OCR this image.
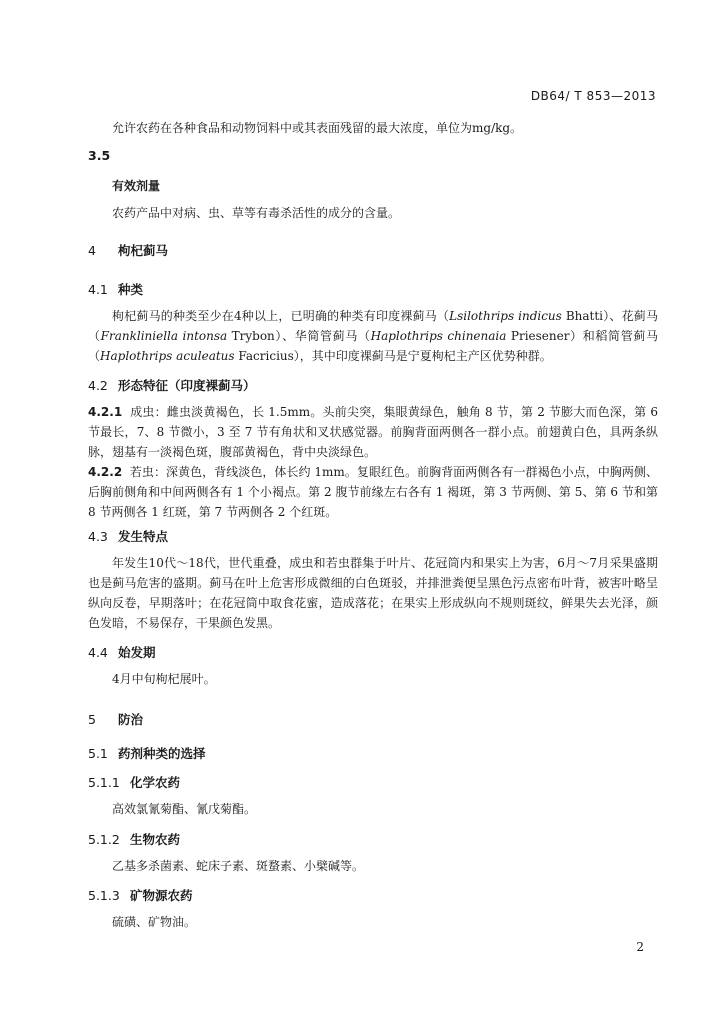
DB64/ T 853—2013
允许农药在各种食品和动物饲料中或其表面残留的最大浓度，单位为mg/kg。
3.5
有效剂量
农药产品中对病、虫、草等有毒杀活性的成分的含量。
4 枸杞蓟马
4.1 种类
枸杞蓟马的种类至少在4种以上，已明确的种类有印度裸蓟马（Lsilothrips indicus Bhatti）、花蓟马（Frankliniella intonsa Trybon）、华简管蓟马（Haplothrips chinenaia Priesener）和稻简管蓟马（Haplothrips aculeatus Facricius），其中印度裸蓟马是宁夏枸杞主产区优势种群。
4.2 形态特征（印度裸蓟马）
4.2.1 成虫：雌虫淡黄褐色，长 1.5mm。头前尖突，集眼黄绿色，触角 8 节，第 2 节膨大而色深，第 6 节最长，7、8 节微小，3 至 7 节有角状和叉状感觉器。前胸背面两侧各一群小点。前翅黄白色，具两条纵脉，翅基有一淡褐色斑，腹部黄褐色，背中央淡绿色。
4.2.2 若虫：深黄色，背线淡色，体长约 1mm。复眼红色。前胸背面两侧各有一群褐色小点，中胸两侧、后胸前侧角和中间两侧各有 1 个小褐点。第 2 腹节前缘左右各有 1 褐斑，第 3 节两侧、第 5、第 6 节和第 8 节两侧各 1 红斑，第 7 节两侧各 2 个红斑。
4.3 发生特点
年发生10代～18代，世代重叠，成虫和若虫群集于叶片、花冠筒内和果实上为害，6月～7月采果盛期也是蓟马危害的盛期。蓟马在叶上危害形成微细的白色斑驳，并排泄粪便呈黑色污点密布叶背，被害叶略呈纵向反卷，早期落叶；在花冠筒中取食花蜜，造成落花；在果实上形成纵向不规则斑纹，鲜果失去光泽，颜色发暗，不易保存，干果颜色发黑。
4.4 始发期
4月中旬枸杞展叶。
5 防治
5.1 药剂种类的选择
5.1.1 化学农药
高效氯氰菊酯、氰戊菊酯。
5.1.2 生物农药
乙基多杀菌素、蛇床子素、斑蝥素、小檗碱等。
5.1.3 矿物源农药
硫磺、矿物油。
2
